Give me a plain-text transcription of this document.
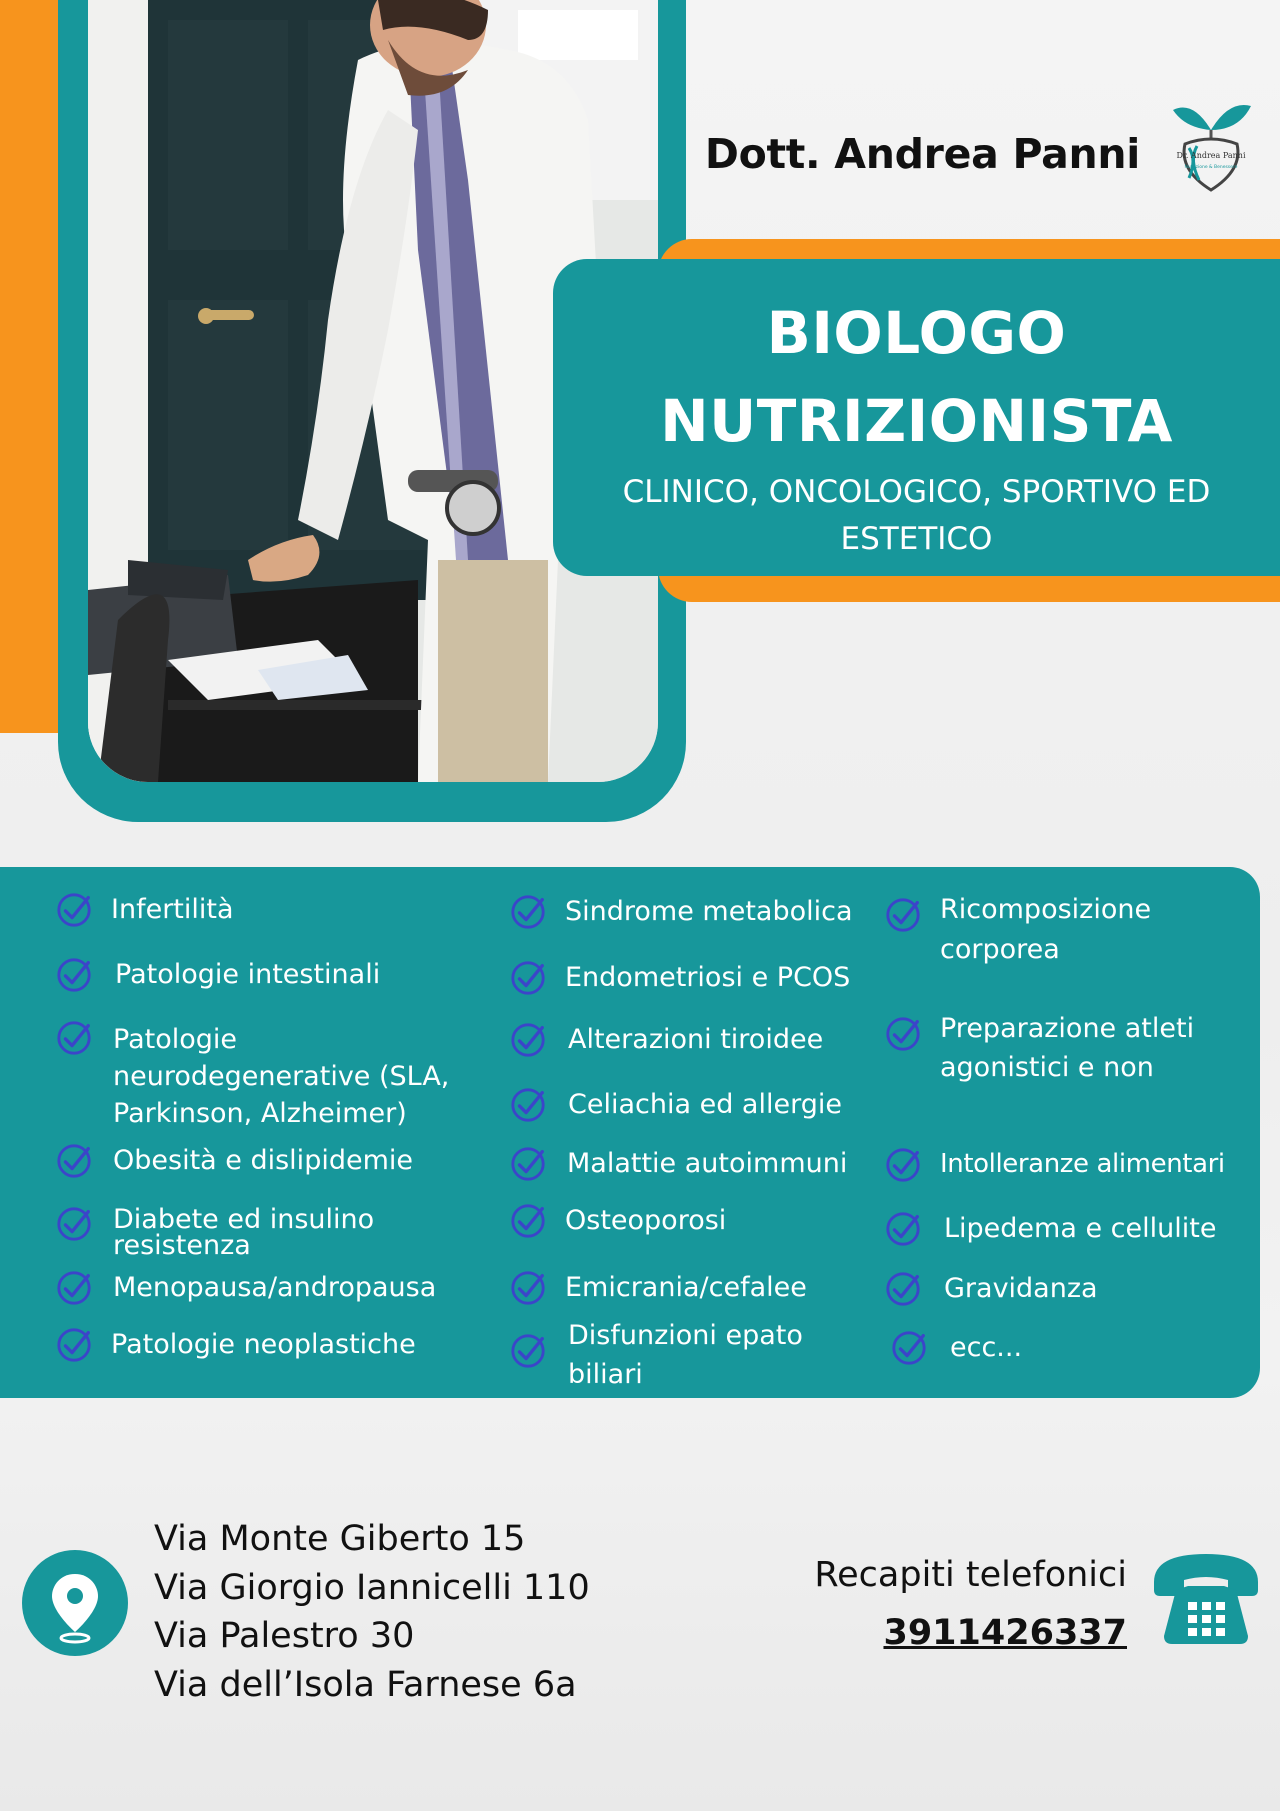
Dott. Andrea Panni	Dr. Andrea Panni
Nutrizione & Benessere
BIOLOGO
NUTRIZIONISTA
CLINICO, ONCOLOGICO, SPORTIVO ED ESTETICO
Infertilità
Patologie intestinali
Patologie
neurodegenerative (SLA,
Parkinson, Alzheimer)
Obesità e dislipidemie
Diabete ed insulino
resistenza
Menopausa/andropausa
Patologie neoplastiche
Sindrome metabolica
Endometriosi e PCOS
Alterazioni tiroidee
Celiachia ed allergie
Malattie autoimmuni
Osteoporosi
Emicrania/cefalee
Disfunzioni epato
biliari
Ricomposizione
corporea
Preparazione atleti
agonistici e non
Intolleranze alimentari
Lipedema e cellulite
Gravidanza
ecc...
Via Monte Giberto 15
Via Giorgio Iannicelli 110
Via Palestro 30
Via dell’Isola Farnese 6a
Recapiti telefonici
3911426337
